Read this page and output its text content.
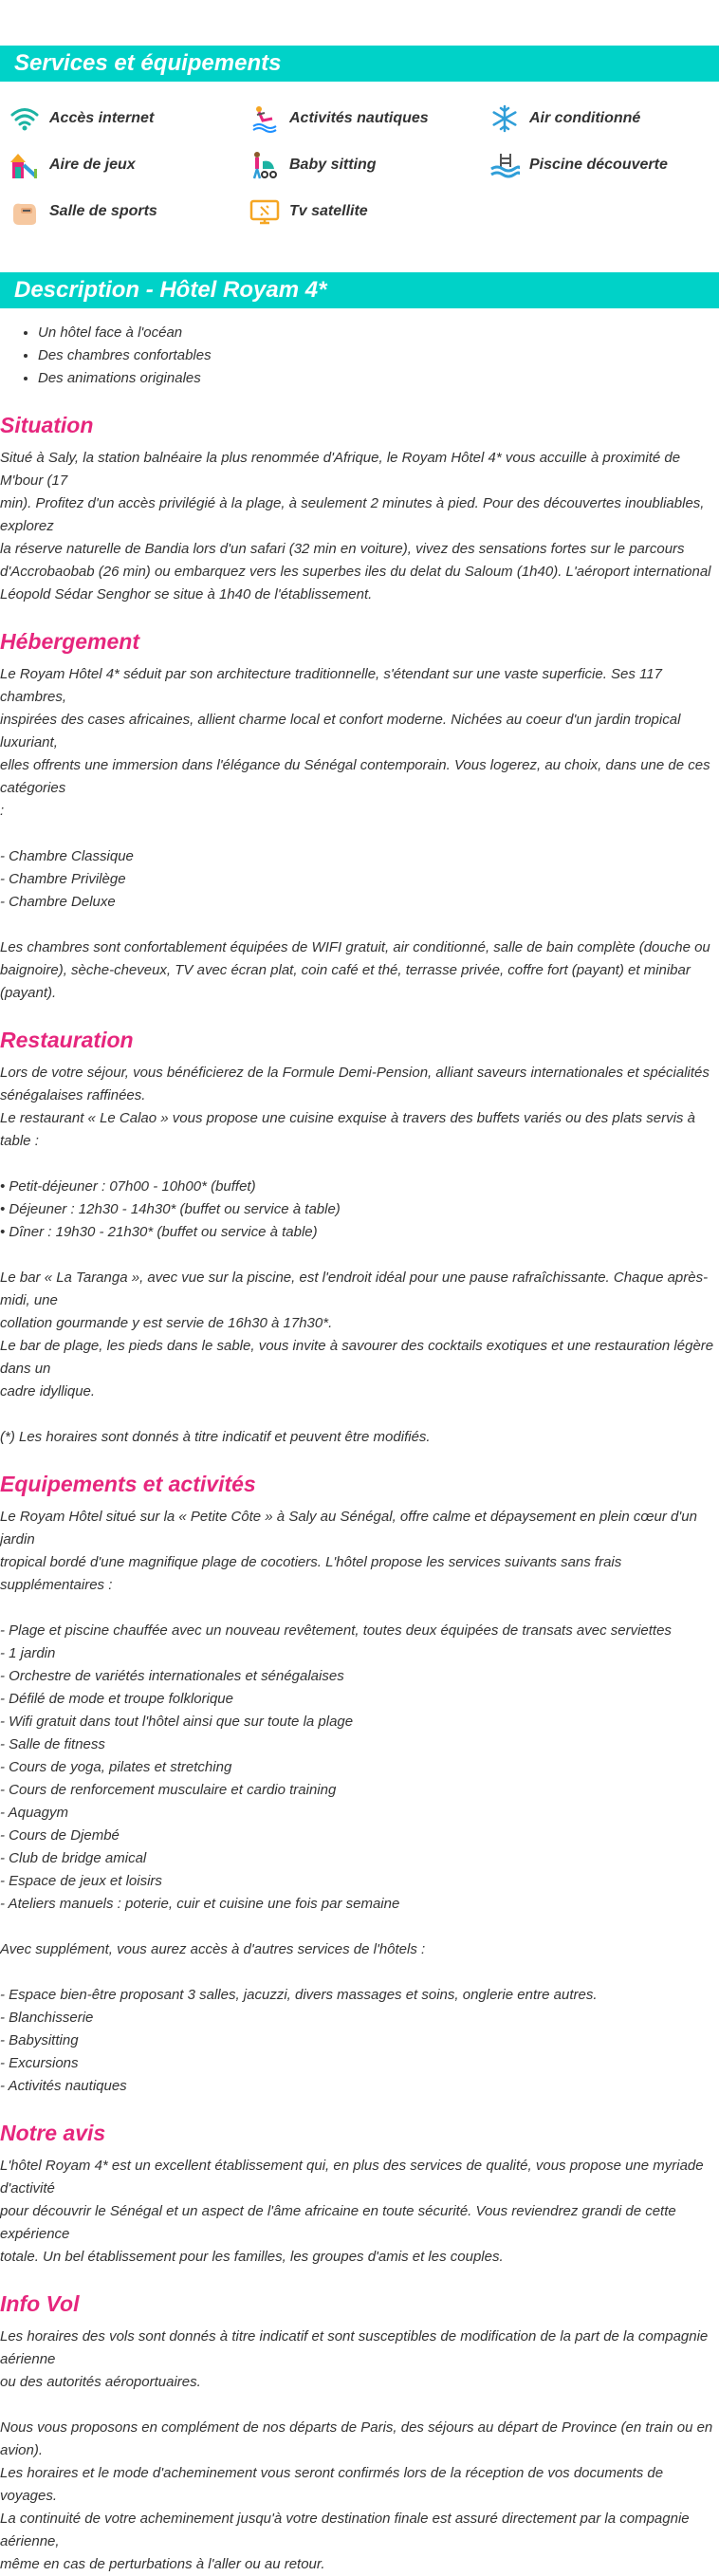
Services et équipements
Accès internet	Activités nautiques	Air conditionné
Aire de jeux	Baby sitting	Piscine découverte
Salle de sports	Tv satellite
Description - Hôtel Royam 4*
• Un hôtel face à l'océan
• Des chambres confortables
• Des animations originales
Situation
Situé à Saly, la station balnéaire la plus renommée d'Afrique, le Royam Hôtel 4* vous accuille à proximité de M'bour (17
min). Profitez d'un accès privilégié à la plage, à seulement 2 minutes à pied. Pour des découvertes inoubliables, explorez
la réserve naturelle de Bandia lors d'un safari (32 min en voiture), vivez des sensations fortes sur le parcours
d'Accrobaobab (26 min) ou embarquez vers les superbes iles du delat du Saloum (1h40). L'aéroport international
Léopold Sédar Senghor se situe à 1h40 de l'établissement.
Hébergement
Le Royam Hôtel 4* séduit par son architecture traditionnelle, s'étendant sur une vaste superficie. Ses 117 chambres,
inspirées des cases africaines, allient charme local et confort moderne. Nichées au coeur d'un jardin tropical luxuriant,
elles offrents une immersion dans l'élégance du Sénégal contemporain. Vous logerez, au choix, dans une de ces catégories
:
- Chambre Classique
- Chambre Privilège
- Chambre Deluxe
Les chambres sont confortablement équipées de WIFI gratuit, air conditionné, salle de bain complète (douche ou
baignoire), sèche-cheveux, TV avec écran plat, coin café et thé, terrasse privée, coffre fort (payant) et minibar (payant).
Restauration
Lors de votre séjour, vous bénéficierez de la Formule Demi-Pension, alliant saveurs internationales et spécialités
sénégalaises raffinées.
Le restaurant « Le Calao » vous propose une cuisine exquise à travers des buffets variés ou des plats servis à table :
• Petit-déjeuner : 07h00 - 10h00* (buffet)
• Déjeuner : 12h30 - 14h30* (buffet ou service à table)
• Dîner : 19h30 - 21h30* (buffet ou service à table)
Le bar « La Taranga », avec vue sur la piscine, est l'endroit idéal pour une pause rafraîchissante. Chaque après-midi, une
collation gourmande y est servie de 16h30 à 17h30*.
Le bar de plage, les pieds dans le sable, vous invite à savourer des cocktails exotiques et une restauration légère dans un
cadre idyllique.
(*) Les horaires sont donnés à titre indicatif et peuvent être modifiés.
Equipements et activités
Le Royam Hôtel situé sur la « Petite Côte » à Saly au Sénégal, offre calme et dépaysement en plein cœur d'un jardin
tropical bordé d'une magnifique plage de cocotiers. L'hôtel propose les services suivants sans frais supplémentaires :
- Plage et piscine chauffée avec un nouveau revêtement, toutes deux équipées de transats avec serviettes
- 1 jardin
- Orchestre de variétés internationales et sénégalaises
- Défilé de mode et troupe folklorique
- Wifi gratuit dans tout l'hôtel ainsi que sur toute la plage
- Salle de fitness
- Cours de yoga, pilates et stretching
- Cours de renforcement musculaire et cardio training
- Aquagym
- Cours de Djembé
- Club de bridge amical
- Espace de jeux et loisirs
- Ateliers manuels : poterie, cuir et cuisine une fois par semaine
Avec supplément, vous aurez accès à d'autres services de l'hôtels :
- Espace bien-être proposant 3 salles, jacuzzi, divers massages et soins, onglerie entre autres.
- Blanchisserie
- Babysitting
- Excursions
- Activités nautiques
Notre avis
L'hôtel Royam 4* est un excellent établissement qui, en plus des services de qualité, vous propose une myriade d'activité
pour découvrir le Sénégal et un aspect de l'âme africaine en toute sécurité. Vous reviendrez grandi de cette expérience
totale. Un bel établissement pour les familles, les groupes d'amis et les couples.
Info Vol
Les horaires des vols sont donnés à titre indicatif et sont susceptibles de modification de la part de la compagnie aérienne
ou des autorités aéroportuaires.
Nous vous proposons en complément de nos départs de Paris, des séjours au départ de Province (en train ou en avion).
Les horaires et le mode d'acheminement vous seront confirmés lors de la réception de vos documents de voyages.
La continuité de votre acheminement jusqu'à votre destination finale est assuré directement par la compagnie aérienne,
même en cas de perturbations à l'aller ou au retour.
